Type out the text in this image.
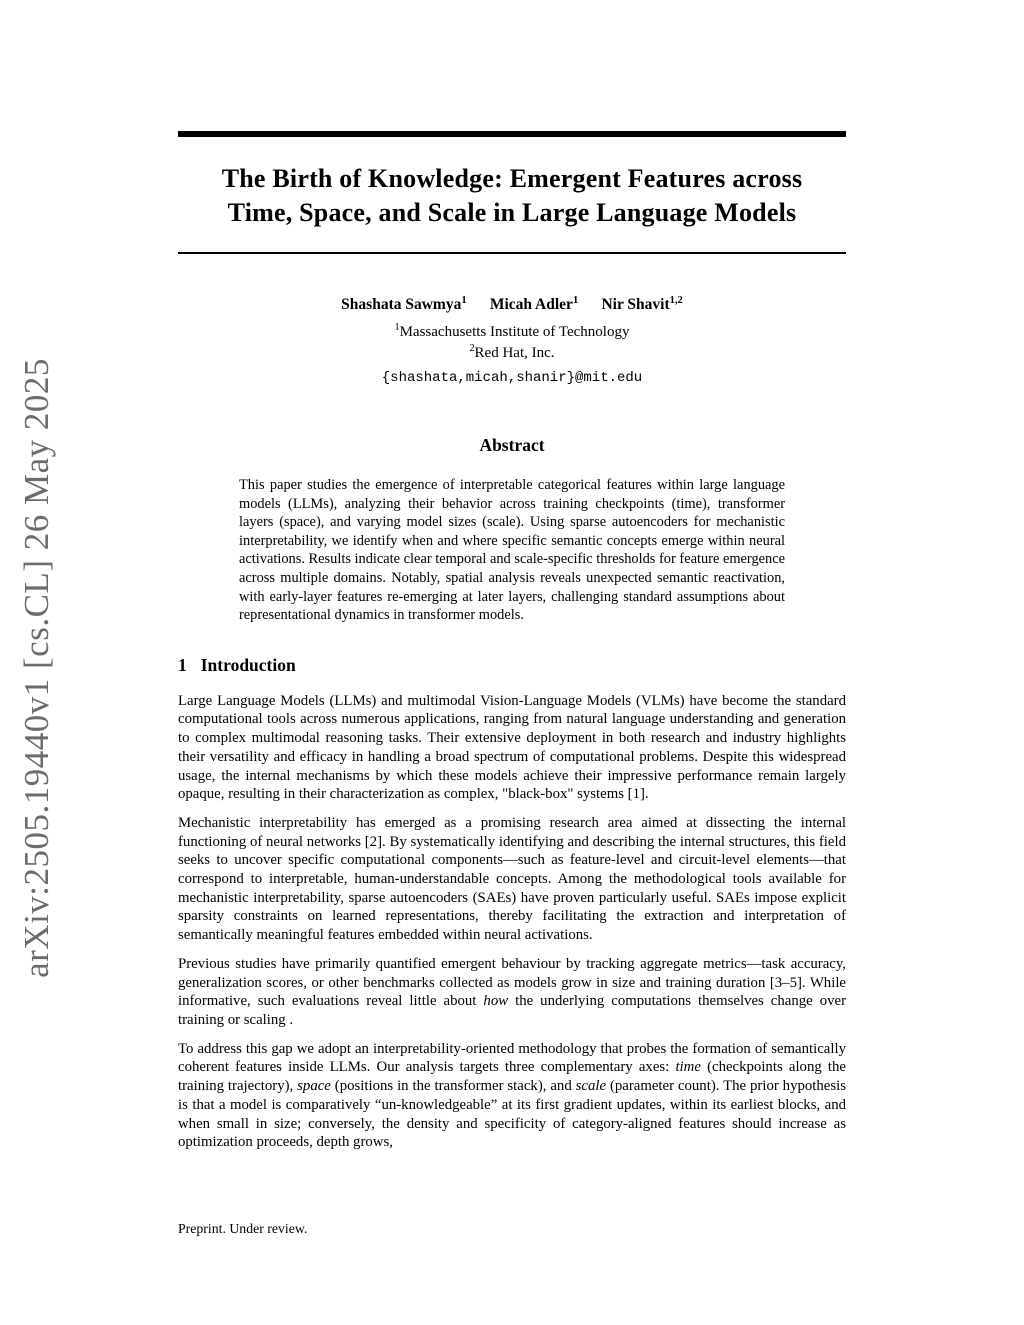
arXiv:2505.19440v1 [cs.CL] 26 May 2025
The Birth of Knowledge: Emergent Features across
Time, Space, and Scale in Large Language Models
Shashata Sawmya$^1$ Micah Adler$^1$ Nir Shavit$^{1,2}$
$^1$Massachusetts Institute of Technology
$^2$Red Hat, Inc.
{shashata,micah,shanir}@mit.edu
Abstract

This paper studies the emergence of interpretable categorical features within large language models (LLMs), analyzing their behavior across training checkpoints (time), transformer layers (space), and varying model sizes (scale). Using sparse autoencoders for mechanistic interpretability, we identify when and where specific semantic concepts emerge within neural activations. Results indicate clear temporal and scale-specific thresholds for feature emergence across multiple domains. Notably, spatial analysis reveals unexpected semantic reactivation, with early-layer features re-emerging at later layers, challenging standard assumptions about representational dynamics in transformer models.

1 Introduction

Large Language Models (LLMs) and multimodal Vision-Language Models (VLMs) have become the standard computational tools across numerous applications, ranging from natural language understanding and generation to complex multimodal reasoning tasks. Their extensive deployment in both research and industry highlights their versatility and efficacy in handling a broad spectrum of computational problems. Despite this widespread usage, the internal mechanisms by which these models achieve their impressive performance remain largely opaque, resulting in their characterization as complex, "black-box" systems [1].

Mechanistic interpretability has emerged as a promising research area aimed at dissecting the internal functioning of neural networks [2]. By systematically identifying and describing the internal structures, this field seeks to uncover specific computational components—such as feature-level and circuit-level elements—that correspond to interpretable, human-understandable concepts. Among the methodological tools available for mechanistic interpretability, sparse autoencoders (SAEs) have proven particularly useful. SAEs impose explicit sparsity constraints on learned representations, thereby facilitating the extraction and interpretation of semantically meaningful features embedded within neural activations.

Previous studies have primarily quantified emergent behaviour by tracking aggregate metrics—task accuracy, generalization scores, or other benchmarks collected as models grow in size and training duration [3–5]. While informative, such evaluations reveal little about how the underlying computations themselves change over training or scaling .

To address this gap we adopt an interpretability-oriented methodology that probes the formation of semantically coherent features inside LLMs. Our analysis targets three complementary axes: time (checkpoints along the training trajectory), space (positions in the transformer stack), and scale (parameter count). The prior hypothesis is that a model is comparatively “un-knowledgeable” at its first gradient updates, within its earliest blocks, and when small in size; conversely, the density and specificity of category-aligned features should increase as optimization proceeds, depth grows,

Preprint. Under review.
